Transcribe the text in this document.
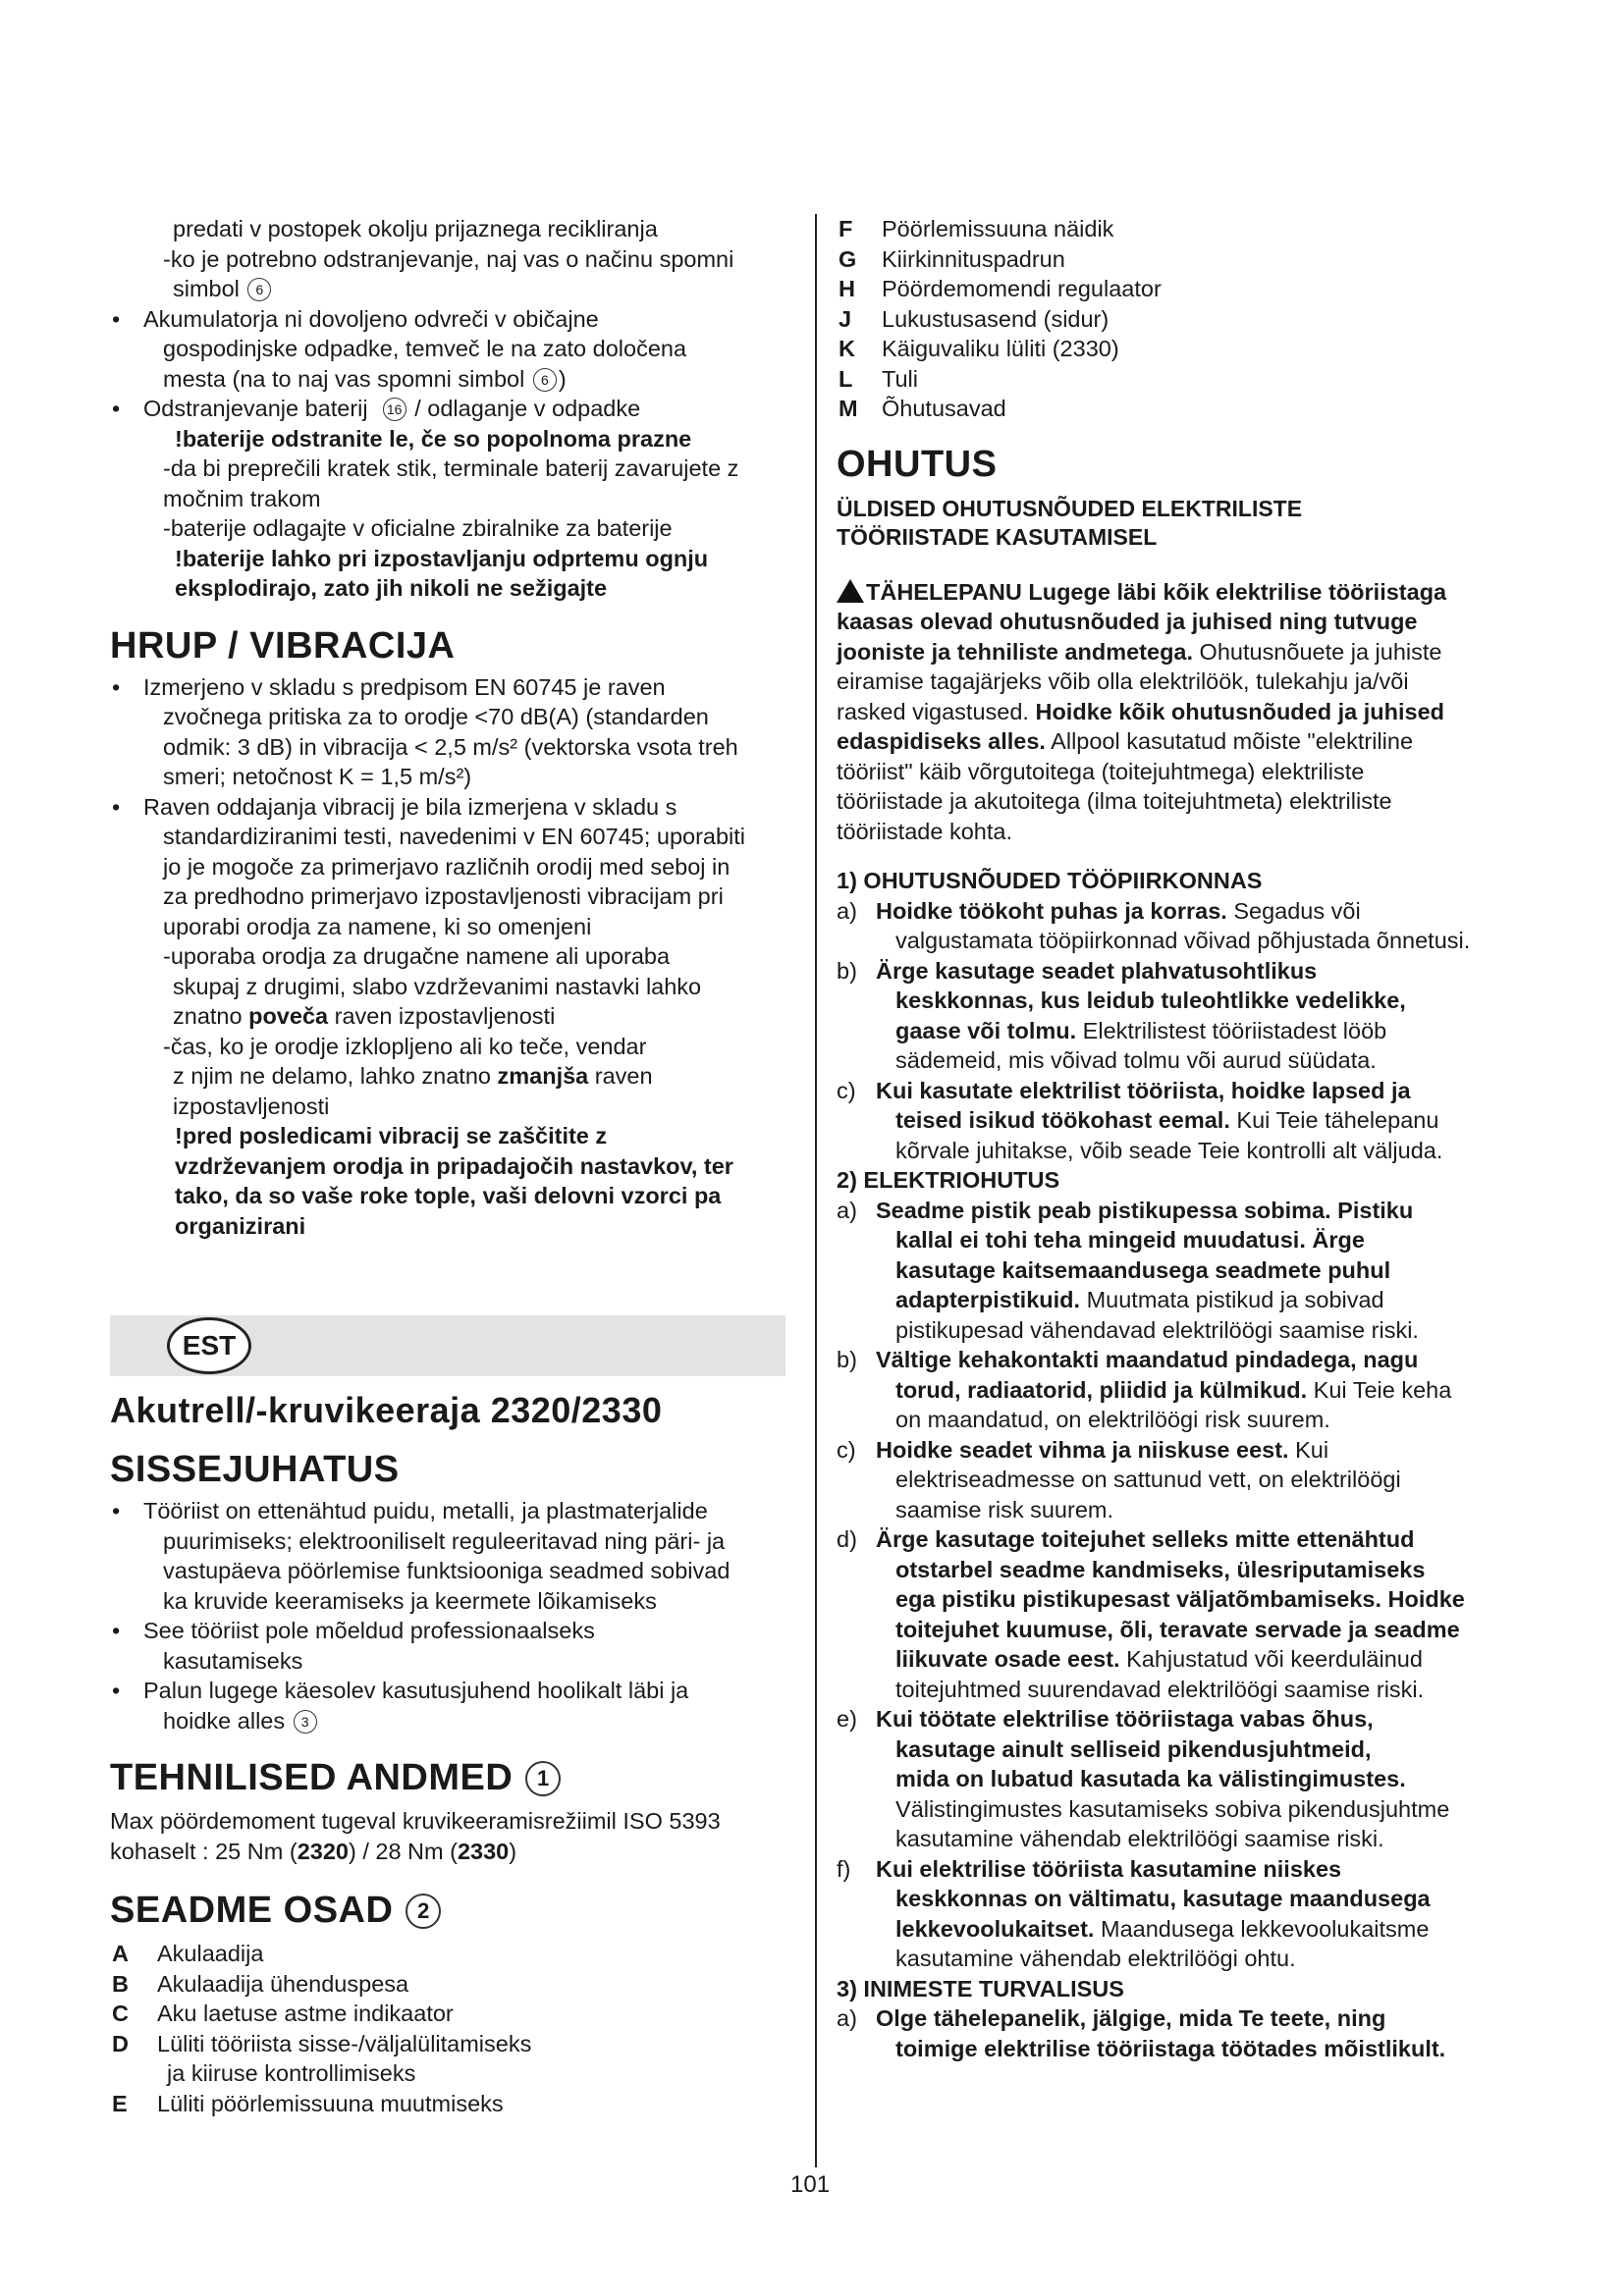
predati v postopek okolju prijaznega recikliranja
-ko je potrebno odstranjevanje, naj vas o načinu spomni
simbol 6
• Akumulatorja ni dovoljeno odvreči v običajne
gospodinjske odpadke, temveč le na zato določena
mesta (na to naj vas spomni simbol 6 )
• Odstranjevanje baterij 16 / odlaganje v odpadke
!baterije odstranite le, če so popolnoma prazne
-da bi preprečili kratek stik, terminale baterij zavarujete z
močnim trakom
-baterije odlagajte v oficialne zbiralnike za baterije
!baterije lahko pri izpostavljanju odprtemu ognju
eksplodirajo, zato jih nikoli ne sežigajte
HRUP / VIBRACIJA
• Izmerjeno v skladu s predpisom EN 60745 je raven
zvočnega pritiska za to orodje <70 dB(A) (standarden
odmik: 3 dB) in vibracija < 2,5 m/s² (vektorska vsota treh
smeri; netočnost K = 1,5 m/s²)
• Raven oddajanja vibracij je bila izmerjena v skladu s
standardiziranimi testi, navedenimi v EN 60745; uporabiti
jo je mogoče za primerjavo različnih orodij med seboj in
za predhodno primerjavo izpostavljenosti vibracijam pri
uporabi orodja za namene, ki so omenjeni
-uporaba orodja za drugačne namene ali uporaba
skupaj z drugimi, slabo vzdrževanimi nastavki lahko
znatno poveča raven izpostavljenosti
-čas, ko je orodje izklopljeno ali ko teče, vendar
z njim ne delamo, lahko znatno zmanjša raven
izpostavljenosti
!pred posledicami vibracij se zaščitite z
vzdrževanjem orodja in pripadajočih nastavkov, ter
tako, da so vaše roke tople, vaši delovni vzorci pa
organizirani
EST
Akutrell/-kruvikeeraja 2320/2330
SISSEJUHATUS
• Tööriist on ettenähtud puidu, metalli, ja plastmaterjalide
puurimiseks; elektrooniliselt reguleeritavad ning päri- ja
vastupäeva pöörlemise funktsiooniga seadmed sobivad
ka kruvide keeramiseks ja keermete lõikamiseks
• See tööriist pole mõeldud professionaalseks
kasutamiseks
• Palun lugege käesolev kasutusjuhend hoolikalt läbi ja
hoidke alles 3
TEHNILISED ANDMED 1
Max pöördemoment tugeval kruvikeeramisrežiimil ISO 5393
kohaselt : 25 Nm (2320) / 28 Nm (2330)
SEADME OSAD 2
A Akulaadija
B Akulaadija ühenduspesa
C Aku laetuse astme indikaator
D Lüliti tööriista sisse-/väljalülitamiseks
ja kiiruse kontrollimiseks
E Lüliti pöörlemissuuna muutmiseks
F Pöörlemissuuna näidik
G Kiirkinnituspadrun
H Pöördemomendi regulaator
J Lukustusasend (sidur)
K Käiguvaliku lüliti (2330)
L Tuli
M Õhutusavad
OHUTUS
ÜLDISED OHUTUSNÕUDED ELEKTRILISTE
TÖÖRIISTADE KASUTAMISEL
TÄHELEPANU Lugege läbi kõik elektrilise tööriistaga
kaasas olevad ohutusnõuded ja juhised ning tutvuge
jooniste ja tehniliste andmetega. Ohutusnõuete ja juhiste
eiramise tagajärjeks võib olla elektrilöök, tulekahju ja/või
rasked vigastused. Hoidke kõik ohutusnõuded ja juhised
edaspidiseks alles. Allpool kasutatud mõiste "elektriline
tööriist" käib võrgutoitega (toitejuhtmega) elektriliste
tööriistade ja akutoitega (ilma toitejuhtmeta) elektriliste
tööriistade kohta.
1) OHUTUSNÕUDED TÖÖPIIRKONNAS
a) Hoidke töökoht puhas ja korras. Segadus või
valgustamata tööpiirkonnad võivad põhjustada õnnetusi.
b) Ärge kasutage seadet plahvatusohtlikus
keskkonnas, kus leidub tuleohtlikke vedelikke,
gaase või tolmu. Elektrilistest tööriistadest lööb
sädemeid, mis võivad tolmu või aurud süüdata.
c) Kui kasutate elektrilist tööriista, hoidke lapsed ja
teised isikud töökohast eemal. Kui Teie tähelepanu
kõrvale juhitakse, võib seade Teie kontrolli alt väljuda.
2) ELEKTRIOHUTUS
a) Seadme pistik peab pistikupessa sobima. Pistiku
kallal ei tohi teha mingeid muudatusi. Ärge
kasutage kaitsemaandusega seadmete puhul
adapterpistikuid. Muutmata pistikud ja sobivad
pistikupesad vähendavad elektrilöögi saamise riski.
b) Vältige kehakontakti maandatud pindadega, nagu
torud, radiaatorid, pliidid ja külmikud. Kui Teie keha
on maandatud, on elektrilöögi risk suurem.
c) Hoidke seadet vihma ja niiskuse eest. Kui
elektriseadmesse on sattunud vett, on elektrilöögi
saamise risk suurem.
d) Ärge kasutage toitejuhet selleks mitte ettenähtud
otstarbel seadme kandmiseks, ülesriputamiseks
ega pistiku pistikupesast väljatõmbamiseks. Hoidke
toitejuhet kuumuse, õli, teravate servade ja seadme
liikuvate osade eest. Kahjustatud või keerduläinud
toitejuhtmed suurendavad elektrilöögi saamise riski.
e) Kui töötate elektrilise tööriistaga vabas õhus,
kasutage ainult selliseid pikendusjuhtmeid,
mida on lubatud kasutada ka välistingimustes.
Välistingimustes kasutamiseks sobiva pikendusjuhtme
kasutamine vähendab elektrilöögi saamise riski.
f) Kui elektrilise tööriista kasutamine niiskes
keskkonnas on vältimatu, kasutage maandusega
lekkevoolukaitset. Maandusega lekkevoolukaitsme
kasutamine vähendab elektrilöögi ohtu.
3) INIMESTE TURVALISUS
a) Olge tähelepanelik, jälgige, mida Te teete, ning
toimige elektrilise tööriistaga töötades mõistlikult.
101
